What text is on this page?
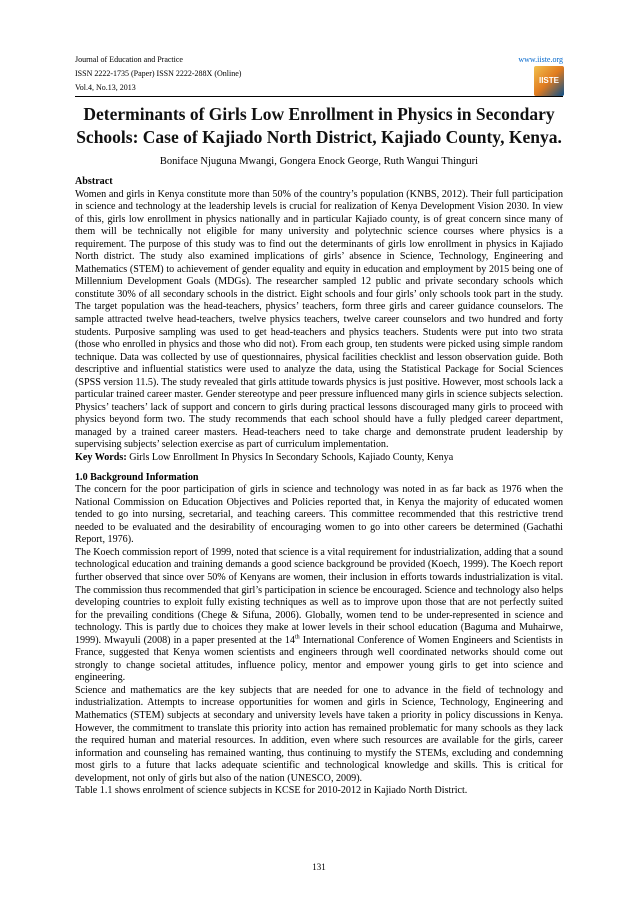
Journal of Education and Practice	www.iiste.org
ISSN 2222-1735 (Paper) ISSN 2222-288X (Online)
Vol.4, No.13, 2013
IISTE
Determinants of Girls Low Enrollment in Physics in Secondary Schools: Case of Kajiado North District, Kajiado County, Kenya.
Boniface Njuguna Mwangi, Gongera Enock George, Ruth Wangui Thinguri

Abstract

Women and girls in Kenya constitute more than 50% of the country’s population (KNBS, 2012). Their full participation in science and technology at the leadership levels is crucial for realization of Kenya Development Vision 2030. In view of this, girls low enrollment in physics nationally and in particular Kajiado county, is of great concern since many of them will be technically not eligible for many university and polytechnic science courses where physics is a requirement. The purpose of this study was to find out the determinants of girls low enrollment in physics in Kajiado North district. The study also examined implications of girls’ absence in Science, Technology, Engineering and Mathematics (STEM) to achievement of gender equality and equity in education and employment by 2015 being one of Millennium Development Goals (MDGs). The researcher sampled 12 public and private secondary schools which constitute 30% of all secondary schools in the district. Eight schools and four girls’ only schools took part in the study. The target population was the head-teachers, physics’ teachers, form three girls and career guidance counselors. The sample attracted twelve head-teachers, twelve physics teachers, twelve career counselors and two hundred and forty students. Purposive sampling was used to get head-teachers and physics teachers. Students were put into two strata (those who enrolled in physics and those who did not). From each group, ten students were picked using simple random technique. Data was collected by use of questionnaires, physical facilities checklist and lesson observation guide. Both descriptive and influential statistics were used to analyze the data, using the Statistical Package for Social Sciences (SPSS version 11.5). The study revealed that girls attitude towards physics is just positive. However, most schools lack a particular trained career master. Gender stereotype and peer pressure influenced many girls in science subjects selection. Physics’ teachers’ lack of support and concern to girls during practical lessons discouraged many girls to proceed with physics beyond form two. The study recommends that each school should have a fully pledged career department, managed by a trained career masters. Head-teachers need to take charge and demonstrate prudent leadership by supervising subjects’ selection exercise as part of curriculum implementation.

Key Words: Girls Low Enrollment In Physics In Secondary Schools, Kajiado County, Kenya

1.0 Background Information

The concern for the poor participation of girls in science and technology was noted in as far back as 1976 when the National Commission on Education Objectives and Policies reported that, in Kenya the majority of educated women tended to go into nursing, secretarial, and teaching careers. This committee recommended that this restrictive trend needed to be evaluated and the desirability of encouraging women to go into other careers be determined (Gachathi Report, 1976).

The Koech commission report of 1999, noted that science is a vital requirement for industrialization, adding that a sound technological education and training demands a good science background be provided (Koech, 1999). The Koech report further observed that since over 50% of Kenyans are women, their inclusion in efforts towards industrialization is vital. The commission thus recommended that girl’s participation in science be encouraged. Science and technology also helps developing countries to exploit fully existing techniques as well as to improve upon those that are not perfectly suited for the prevailing conditions (Chege & Sifuna, 2006). Globally, women tend to be under-represented in science and technology. This is partly due to choices they make at lower levels in their school education (Baguma and Muhairwe, 1999). Mwayuli (2008) in a paper presented at the 14th International Conference of Women Engineers and Scientists in France, suggested that Kenya women scientists and engineers through well coordinated networks should come out strongly to change societal attitudes, influence policy, mentor and empower young girls to get into science and engineering.

Science and mathematics are the key subjects that are needed for one to advance in the field of technology and industrialization. Attempts to increase opportunities for women and girls in Science, Technology, Engineering and Mathematics (STEM) subjects at secondary and university levels have taken a priority in policy discussions in Kenya. However, the commitment to translate this priority into action has remained problematic for many schools as they lack the required human and material resources. In addition, even where such resources are available for the girls, career information and counseling has remained wanting, thus continuing to mystify the STEMs, excluding and condemning most girls to a future that lacks adequate scientific and technological knowledge and skills. This is critical for development, not only of girls but also of the nation (UNESCO, 2009).

Table 1.1 shows enrolment of science subjects in KCSE for 2010-2012 in Kajiado North District.

131
